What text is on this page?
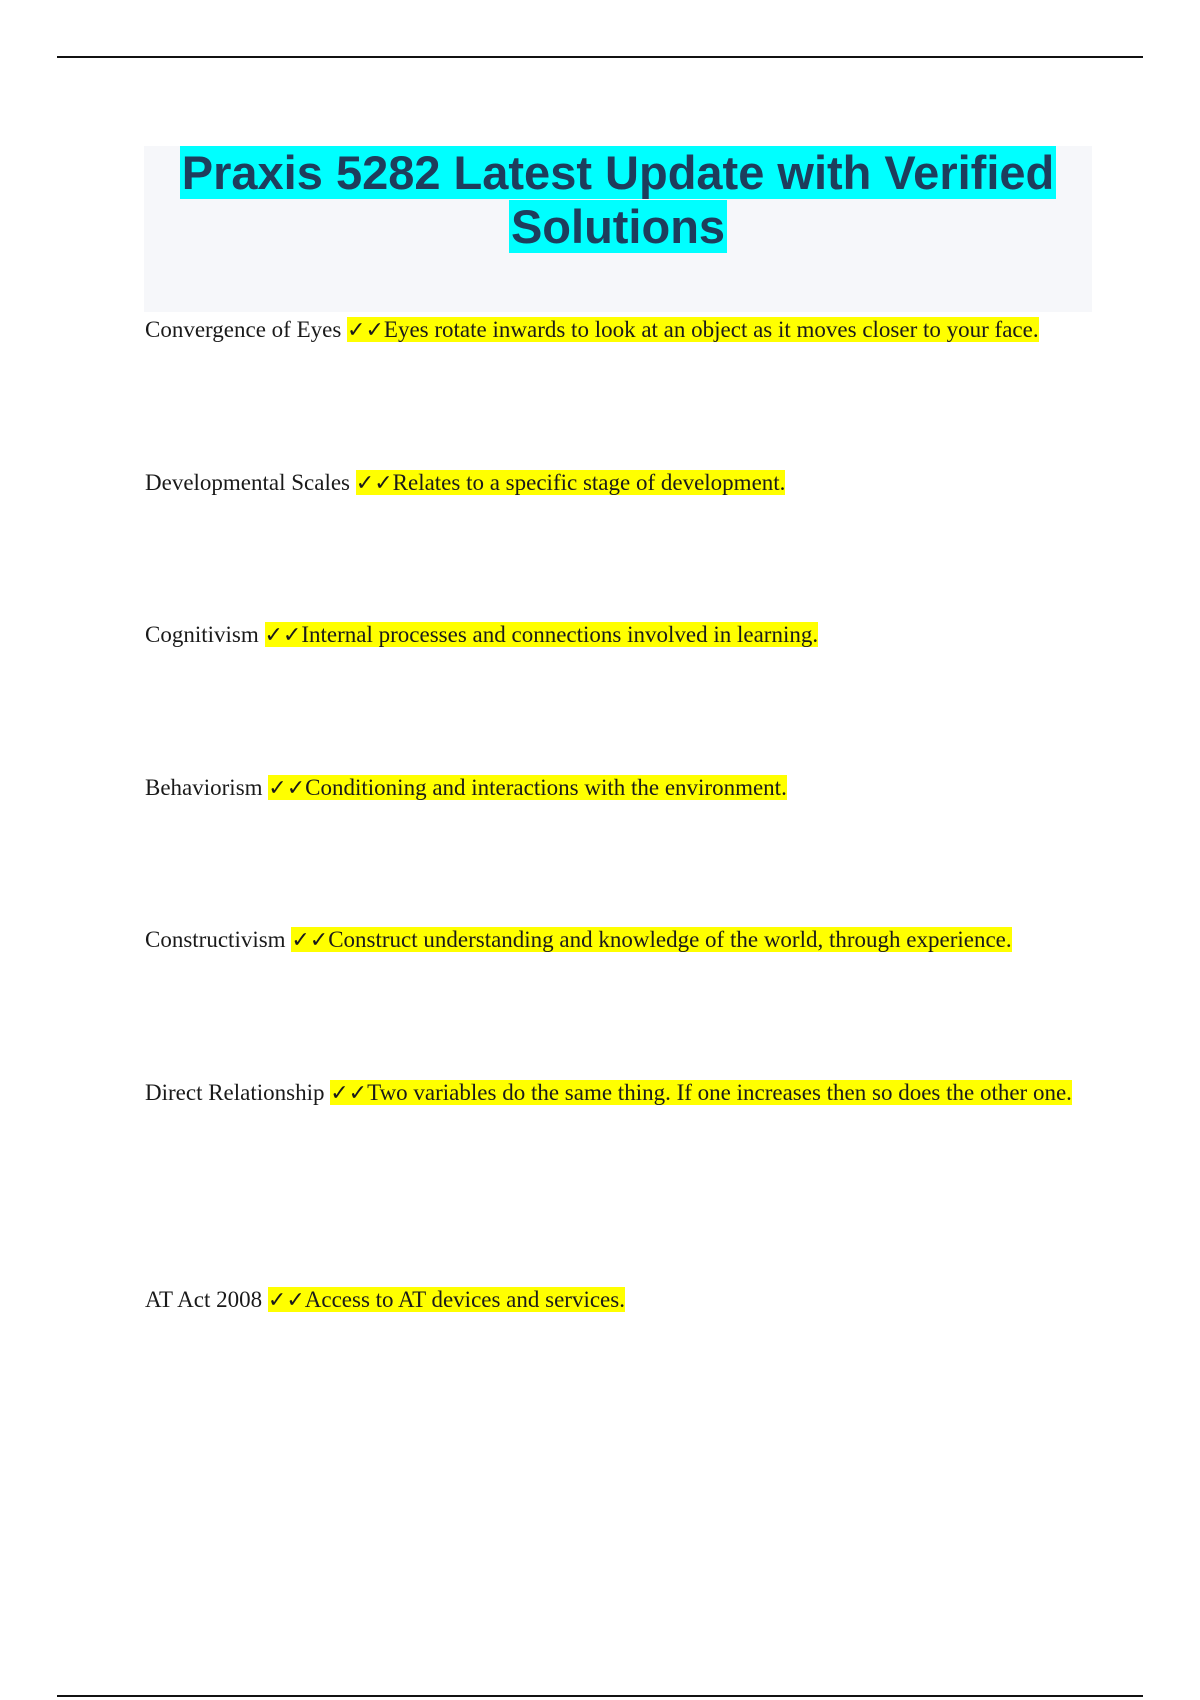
Praxis 5282 Latest Update with Verified
Solutions
Convergence of Eyes ✓✓Eyes rotate inwards to look at an object as it moves closer to your face.
Developmental Scales ✓✓Relates to a specific stage of development.
Cognitivism ✓✓Internal processes and connections involved in learning.
Behaviorism ✓✓Conditioning and interactions with the environment.
Constructivism ✓✓Construct understanding and knowledge of the world, through experience.
Direct Relationship ✓✓Two variables do the same thing. If one increases then so does the other one.
AT Act 2008 ✓✓Access to AT devices and services.
